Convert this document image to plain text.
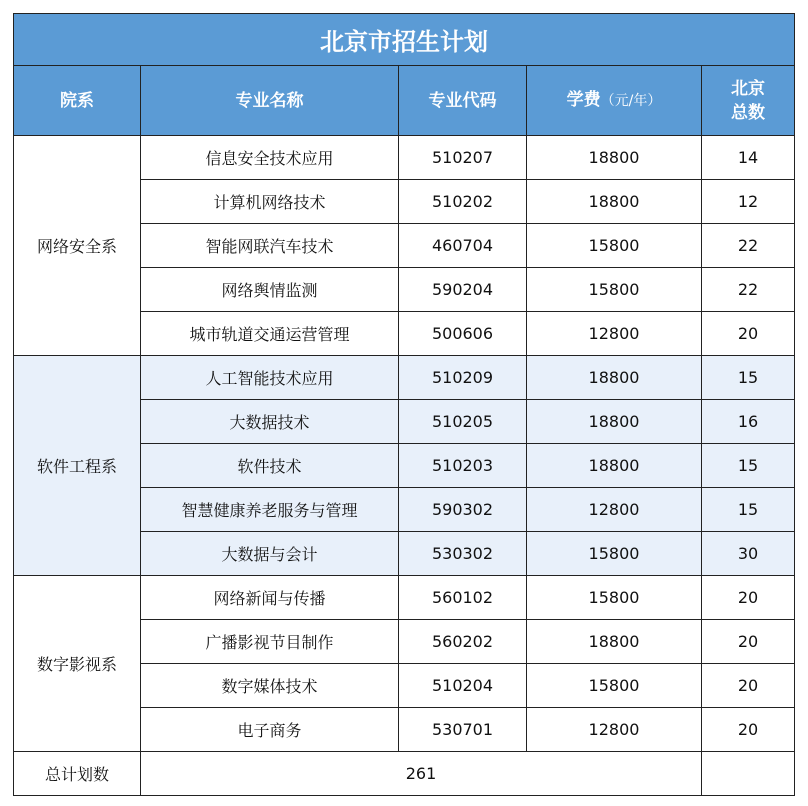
北京市招生计划				
院系	专业名称	专业代码	学费（元/年）	北京
总数
网络安全系	信息安全技术应用	510207	18800	14
	计算机网络技术	510202	18800	12
	智能网联汽车技术	460704	15800	22
	网络舆情监测	590204	15800	22
	城市轨道交通运营管理	500606	12800	20
软件工程系	人工智能技术应用	510209	18800	15
	大数据技术	510205	18800	16
	软件技术	510203	18800	15
	智慧健康养老服务与管理	590302	12800	15
	大数据与会计	530302	15800	30
数字影视系	网络新闻与传播	560102	15800	20
	广播影视节目制作	560202	18800	20
	数字媒体技术	510204	15800	20
	电子商务	530701	12800	20
总计划数	261			
